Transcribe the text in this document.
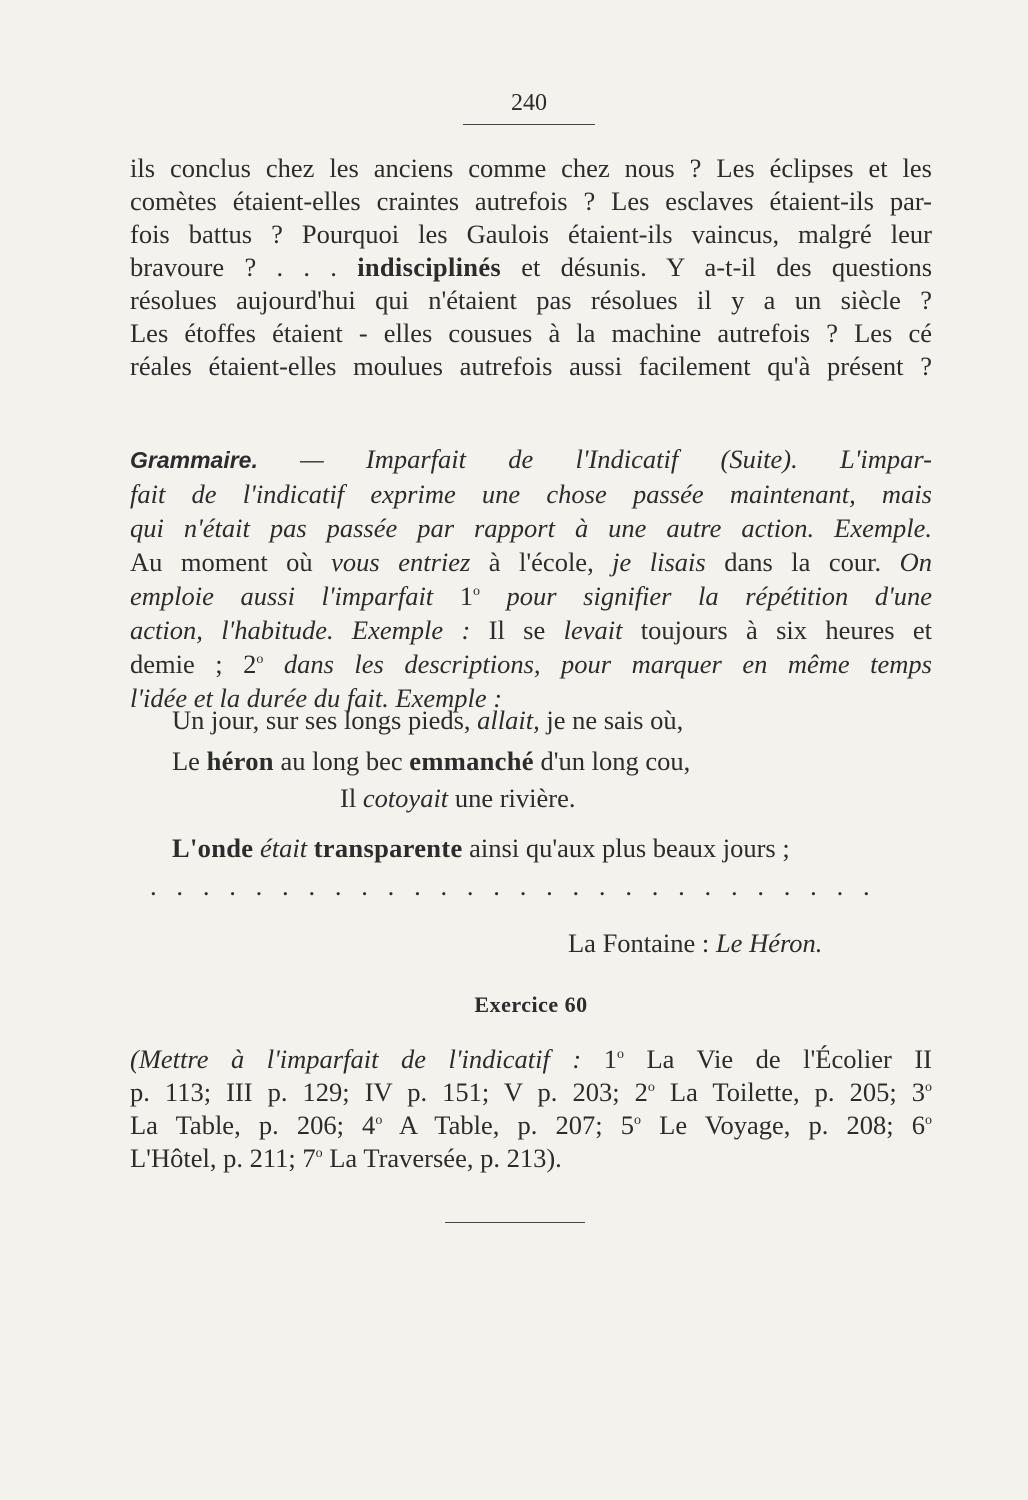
240
ils conclus chez les anciens comme chez nous ? Les éclipses et les
comètes étaient-elles craintes autrefois ? Les esclaves étaient-ils par-
fois battus ? Pourquoi les Gaulois étaient-ils vaincus, malgré leur
bravoure ? . . . indisciplinés et désunis. Y a-t-il des questions
résolues aujourd'hui qui n'étaient pas résolues il y a un siècle ?
Les étoffes étaient - elles cousues à la machine autrefois ? Les cé
réales étaient-elles moulues autrefois aussi facilement qu'à présent ?
Grammaire. — Imparfait de l'Indicatif (Suite). L'impar-
fait de l'indicatif exprime une chose passée maintenant, mais
qui n'était pas passée par rapport à une autre action. Exemple.
Au moment où vous entriez à l'école, je lisais dans la cour. On
emploie aussi l'imparfait 1$^o$ pour signifier la répétition d'une
action, l'habitude. Exemple : Il se levait toujours à six heures et
demie ; 2$^o$ dans les descriptions, pour marquer en même temps
l'idée et la durée du fait. Exemple :
Un jour, sur ses longs pieds, allait, je ne sais où,
Le héron au long bec emmanché d'un long cou,
Il cotoyait une rivière.
L'onde était transparente ainsi qu'aux plus beaux jours ;
. . . . . . . . . . . . . . . . . . . . . . . . . . . .
La Fontaine : Le Héron.
Exercice 60
(Mettre à l'imparfait de l'indicatif : 1$^o$ La Vie de l'Écolier II
p. 113; III p. 129; IV p. 151; V p. 203; 2$^o$ La Toilette, p. 205; 3$^o$
La Table, p. 206; 4$^o$ A Table, p. 207; 5$^o$ Le Voyage, p. 208; 6$^o$
L'Hôtel, p. 211; 7$^o$ La Traversée, p. 213).
